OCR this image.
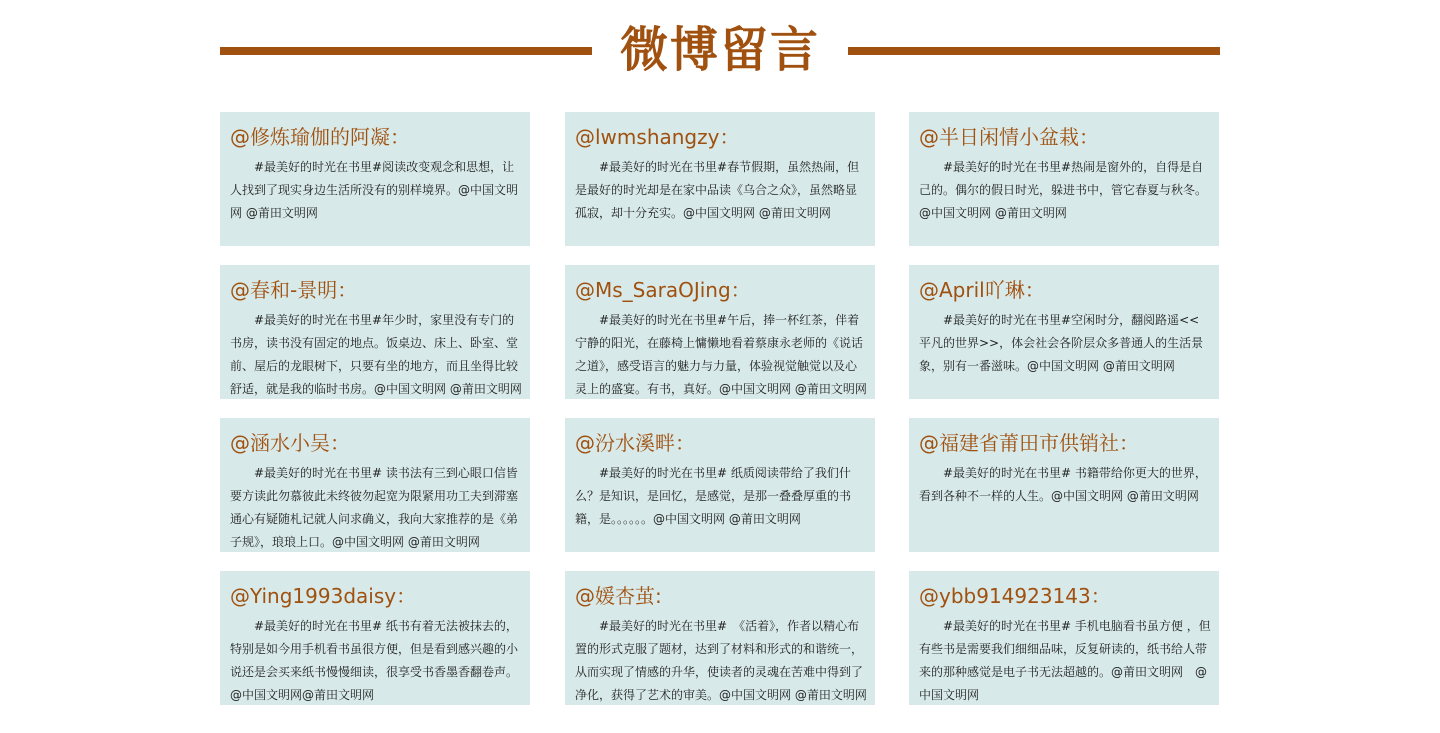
微博留言
@修炼瑜伽的阿凝：
#最美好的时光在书里#阅读改变观念和思想，让人找到了现实身边生活所没有的别样境界。@中国文明网 @莆田文明网
@lwmshangzy：
#最美好的时光在书里#春节假期，虽然热闹，但是最好的时光却是在家中品读《乌合之众》，虽然略显孤寂，却十分充实。@中国文明网 @莆田文明网
@半日闲情小盆栽：
#最美好的时光在书里#热闹是窗外的，自得是自己的。偶尔的假日时光，躲进书中，管它春夏与秋冬。@中国文明网 @莆田文明网
@春和-景明：
#最美好的时光在书里#年少时，家里没有专门的书房，读书没有固定的地点。饭桌边、床上、卧室、堂前、屋后的龙眼树下，只要有坐的地方，而且坐得比较舒适，就是我的临时书房。@中国文明网 @莆田文明网
@Ms_SaraOJing：
#最美好的时光在书里#午后，捧一杯红茶，伴着宁静的阳光，在藤椅上慵懒地看着蔡康永老师的《说话之道》，感受语言的魅力与力量，体验视觉触觉以及心灵上的盛宴。有书，真好。@中国文明网 @莆田文明网
@April吖琳：
#最美好的时光在书里#空闲时分，翻阅路遥<<平凡的世界>>，体会社会各阶层众多普通人的生活景象，别有一番滋味。@中国文明网 @莆田文明网
@涵水小吴：
#最美好的时光在书里# 读书法有三到心眼口信皆要方读此勿慕彼此未终彼勿起宽为限紧用功工夫到滞塞通心有疑随札记就人问求确义，我向大家推荐的是《弟子规》，琅琅上口。@中国文明网 @莆田文明网
@汾水溪畔：
#最美好的时光在书里# 纸质阅读带给了我们什么？是知识，是回忆，是感觉，是那一叠叠厚重的书籍，是。。。。。。@中国文明网 @莆田文明网
@福建省莆田市供销社：
#最美好的时光在书里# 书籍带给你更大的世界，看到各种不一样的人生。@中国文明网 @莆田文明网
@Ying1993daisy：
#最美好的时光在书里# 纸书有着无法被抹去的，特别是如今用手机看书虽很方便，但是看到感兴趣的小说还是会买来纸书慢慢细读，很享受书香墨香翻卷声。@中国文明网@莆田文明网
@媛杏茧:
#最美好的时光在书里#　《活着》，作者以精心布置的形式克服了题材，达到了材料和形式的和谐统一，从而实现了情感的升华，使读者的灵魂在苦难中得到了净化，获得了艺术的审美。@中国文明网 @莆田文明网
@ybb914923143：
#最美好的时光在书里# 手机电脑看书虽方便 ，但有些书是需要我们细细品味，反复研读的，纸书给人带来的那种感觉是电子书无法超越的。@莆田文明网　@中国文明网
